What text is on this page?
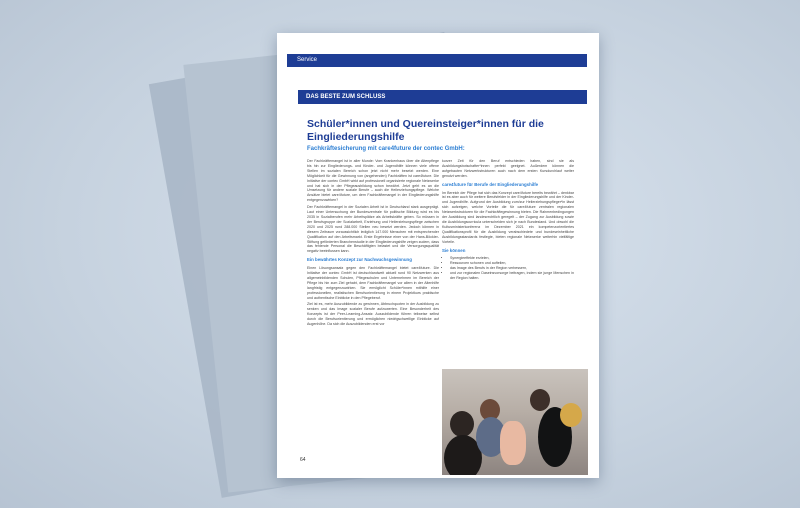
Service
DAS BESTE ZUM SCHLUSS
Schüler*innen und Quereinsteiger*innen für die Eingliederungshilfe
Fachkräftesicherung mit care4future der contec GmbH:

Der Fachkräftemangel ist in aller Munde: Vom Krankenhaus über die Altenpflege bis hin zur Eingliederungs- und Kinder- und Jugendhilfe können viele offene Stellen im sozialen Bereich schon jetzt nicht mehr besetzt werden. Eine Möglichkeit für die Gewinnung von (angehenden) Fachkräften ist care4future. Die Initiative der contec GmbH wirkt auf professionell organisierte regionale Netzwerke und hat sich in der Pflegeausbildung schon bewährt. Jetzt geht es an die Umsetzung für andere soziale Berufe – auch die Heilerziehungspflege. Welche Ansätze bietet care4future, um dem Fachkräftemangel in der Eingliederungshilfe entgegenzuwirken?

Der Fachkräftemangel in der Sozialen Arbeit ist in Deutschland stark ausgeprägt. Laut einer Untersuchung der Bundeszentrale für politische Bildung wird es bis 2035 in Sozialberufen mehr Arbeitsplätze als Arbeitskräfte geben. So müssen in der Berufsgruppe der Sozialarbeit, Erziehung und Heilerziehungspflege zwischen 2020 und 2025 rund 288.000 Stellen neu besetzt werden. Jedoch können in diesem Zeitraum voraussichtlich lediglich 147.000 Menschen mit entsprechender Qualifikation auf den Arbeitsmarkt. Erste Ergebnisse einer von der Hans-Böckler-Stiftung geförderten Branchenstudie in der Eingliederungshilfe zeigen zudem, dass das fehlende Personal die Beschäftigten belastet und die Versorgungsqualität negativ beeinflussen kann.

Ein bewährtes Konzept zur Nachwuchsgewinnung

Einen Lösungsansatz gegen den Fachkräftemangel bietet care4future. Die Initiative der contec GmbH ist deutschlandweit aktuell rund 90 Netzwerken aus allgemeinbildenden Schulen, Pflegeschulen und Unternehmen im Bereich der Pflege bis hin zum Ziel gehabt, dem Fachkräftemangel vor allem in der Altenhilfe langfristig entgegenzuwirken. Sie ermöglicht Schüler*innen mithilfe einer professionellen, realistischen Berufsorientierung in einem Projektkurs praktische und authentische Einblicke in den Pflegeberuf.

Ziel ist es, mehr Auszubildende zu gewinnen, Abbruchquoten in der Ausbildung zu senken und das Image sozialer Berufe aufzuwerten. Eine Besonderheit des Konzepts ist der Peer-Learning-Ansatz: Auszubildende führen teilweise selbst durch die Berufsorientierung und ermöglichen niedrigschwellige Einblicke auf Augenhöhe. Da sich die Auszubildenden erst vor

kurzer Zeit für den Beruf entschieden haben, sind sie als Ausbildungsbotschafter*innen perfekt geeignet. Außerdem können die aufgebauten Netzwerkstrukturen auch nach dem ersten Kursdurchlauf weiter genutzt werden.

care4future für Berufe der Eingliederungshilfe

Im Bereich der Pflege hat sich das Konzept care4future bereits bewährt – denkbar ist es aber auch für weitere Berufsfelder in der Eingliederungshilfe und der Kinder- und Jugendhilfe. Aufgrund der Ausbildung zum/zur Heilerziehungspfleger*in lässt sich aufzeigen, welche Vorteile die für care4future zentralen regionalen Netzwerkstrukturen für die Fachkräftegewinnung bieten. Die Rahmenbedingungen der Ausbildung sind landesrechtlich geregelt – der Zugang zur Ausbildung sowie die Ausbildungscurricula unterscheiden sich je nach Bundesland. Und obwohl die Kultusministerkonferenz im Dezember 2021 ein kompetenzorientiertes Qualifikationsprofil für die Ausbildung verabschiedete und bundeseinheitliche Ausbildungsstandards festlegte, bieten regionale Netzwerke weiterhin vielfältige Vorteile.

Sie können
• Synergieeffekte erzielen,
• Ressourcen schonen und aufteilen,
• das Image des Berufs in der Region verbessern,
• und zur regionalen Daseinsvorsorge beitragen, indem sie junge Menschen in der Region halten.
64
